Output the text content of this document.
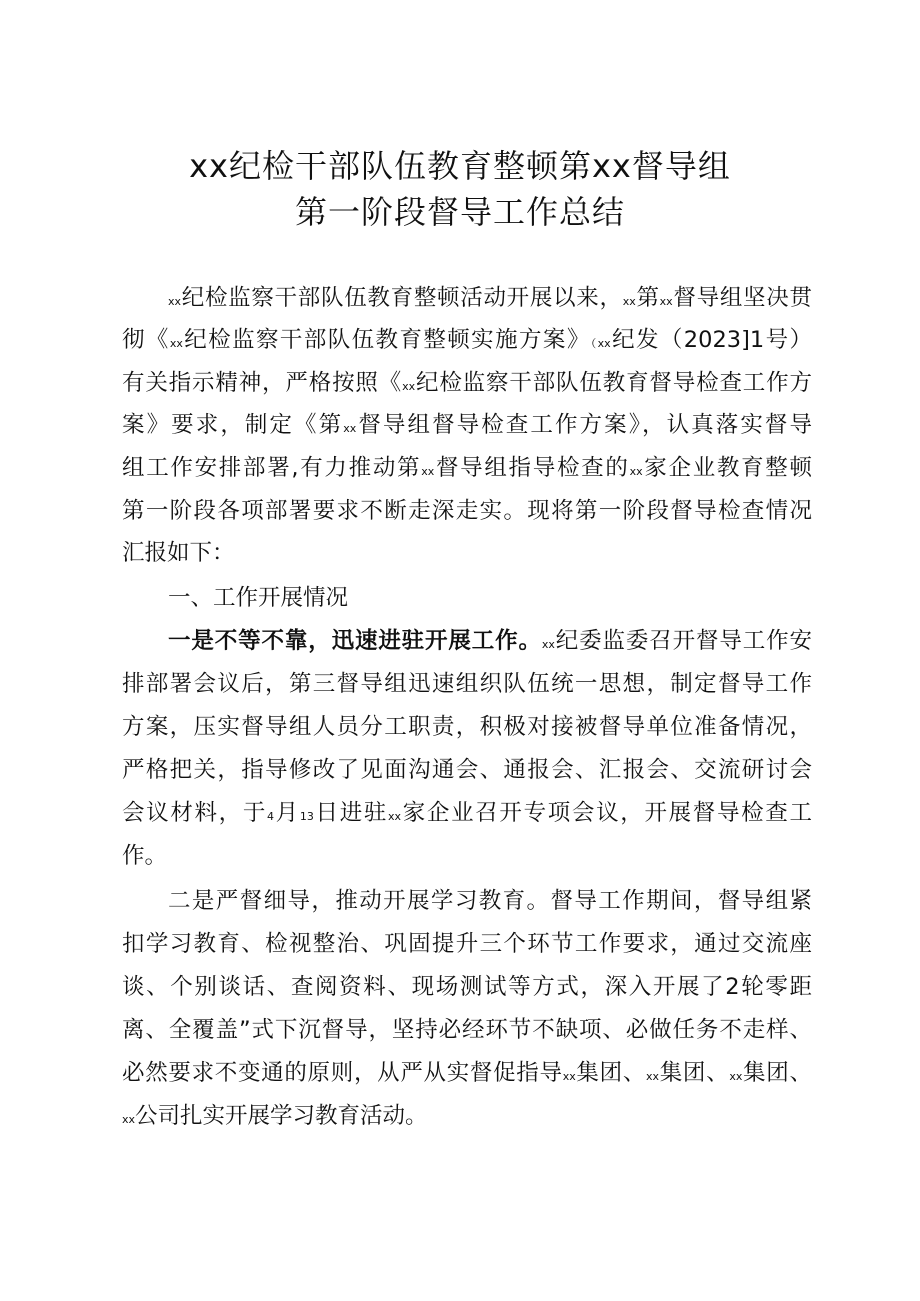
xx纪检干部队伍教育整顿第xx督导组
第一阶段督导工作总结
xx纪检监察干部队伍教育整顿活动开展以来，xx第xx督导组坚决贯
彻《xx纪检监察干部队伍教育整顿实施方案》（xx纪发（2023]1号）
有关指示精神，严格按照《xx纪检监察干部队伍教育督导检查工作方
案》要求，制定《第xx督导组督导检查工作方案》，认真落实督导
组工作安排部署,有力推动第xx督导组指导检查的xx家企业教育整顿
第一阶段各项部署要求不断走深走实。现将第一阶段督导检查情况
汇报如下：
一、工作开展情况
一是不等不靠，迅速进驻开展工作。xx纪委监委召开督导工作安
排部署会议后，第三督导组迅速组织队伍统一思想，制定督导工作
方案，压实督导组人员分工职责，积极对接被督导单位准备情况，
严格把关，指导修改了见面沟通会、通报会、汇报会、交流研讨会
会议材料，于4月13日进驻xx家企业召开专项会议，开展督导检查工
作。
二是严督细导，推动开展学习教育。督导工作期间，督导组紧
扣学习教育、检视整治、巩固提升三个环节工作要求，通过交流座
谈、个别谈话、查阅资料、现场测试等方式，深入开展了2轮零距
离、全覆盖”式下沉督导，坚持必经环节不缺项、必做任务不走样、
必然要求不变通的原则，从严从实督促指导xx集团、xx集团、xx集团、
xx公司扎实开展学习教育活动。
